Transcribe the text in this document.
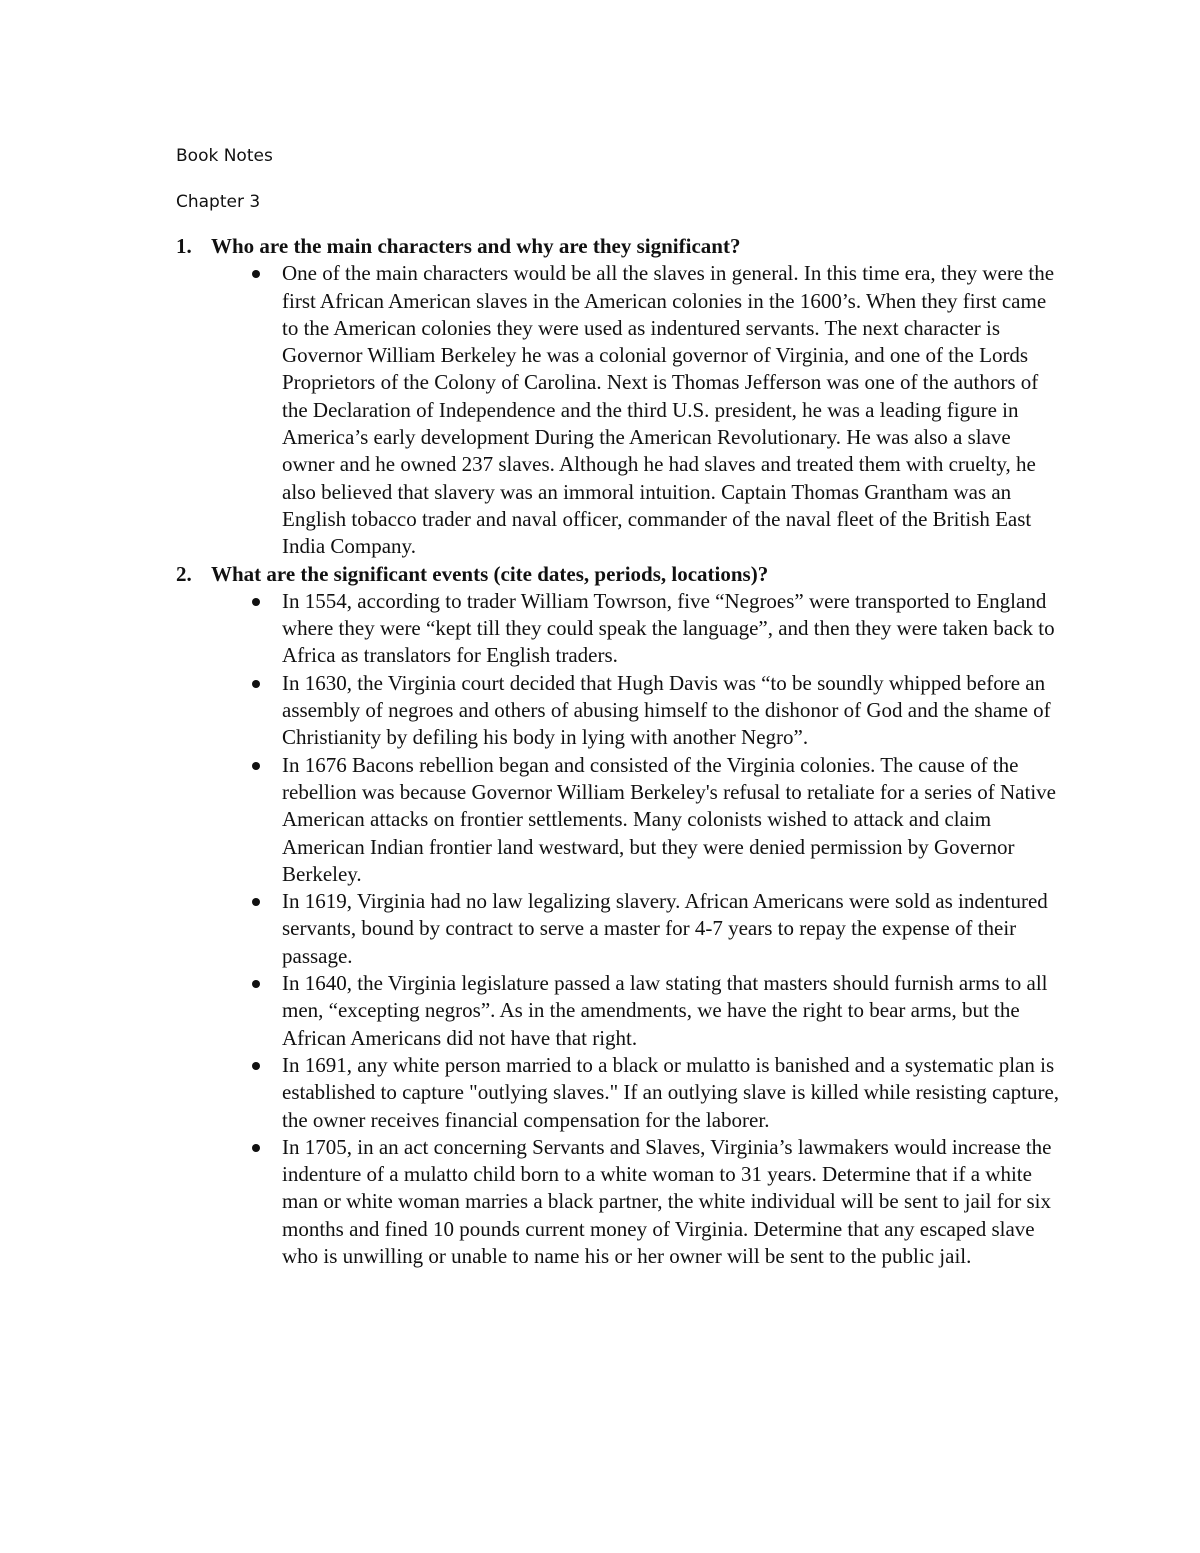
Book Notes
Chapter 3
1. Who are the main characters and why are they significant?
One of the main characters would be all the slaves in general. In this time era, they were the first African American slaves in the American colonies in the 1600’s. When they first came to the American colonies they were used as indentured servants. The next character is Governor William Berkeley he was a colonial governor of Virginia, and one of the Lords Proprietors of the Colony of Carolina. Next is Thomas Jefferson was one of the authors of the Declaration of Independence and the third U.S. president, he was a leading figure in America’s early development During the American Revolutionary. He was also a slave owner and he owned 237 slaves. Although he had slaves and treated them with cruelty, he also believed that slavery was an immoral intuition. Captain Thomas Grantham was an English tobacco trader and naval officer, commander of the naval fleet of the British East India Company.
2. What are the significant events (cite dates, periods, locations)?
In 1554, according to trader William Towrson, five “Negroes” were transported to England where they were “kept till they could speak the language”, and then they were taken back to Africa as translators for English traders.
In 1630, the Virginia court decided that Hugh Davis was “to be soundly whipped before an assembly of negroes and others of abusing himself to the dishonor of God and the shame of Christianity by defiling his body in lying with another Negro”.
In 1676 Bacons rebellion began and consisted of the Virginia colonies. The cause of the rebellion was because Governor William Berkeley's refusal to retaliate for a series of Native American attacks on frontier settlements. Many colonists wished to attack and claim American Indian frontier land westward, but they were denied permission by Governor Berkeley.
In 1619, Virginia had no law legalizing slavery. African Americans were sold as indentured servants, bound by contract to serve a master for 4-7 years to repay the expense of their passage.
In 1640, the Virginia legislature passed a law stating that masters should furnish arms to all men, “excepting negros”. As in the amendments, we have the right to bear arms, but the African Americans did not have that right.
In 1691, any white person married to a black or mulatto is banished and a systematic plan is established to capture "outlying slaves." If an outlying slave is killed while resisting capture, the owner receives financial compensation for the laborer.
In 1705, in an act concerning Servants and Slaves, Virginia’s lawmakers would increase the indenture of a mulatto child born to a white woman to 31 years. Determine that if a white man or white woman marries a black partner, the white individual will be sent to jail for six months and fined 10 pounds current money of Virginia. Determine that any escaped slave who is unwilling or unable to name his or her owner will be sent to the public jail.
